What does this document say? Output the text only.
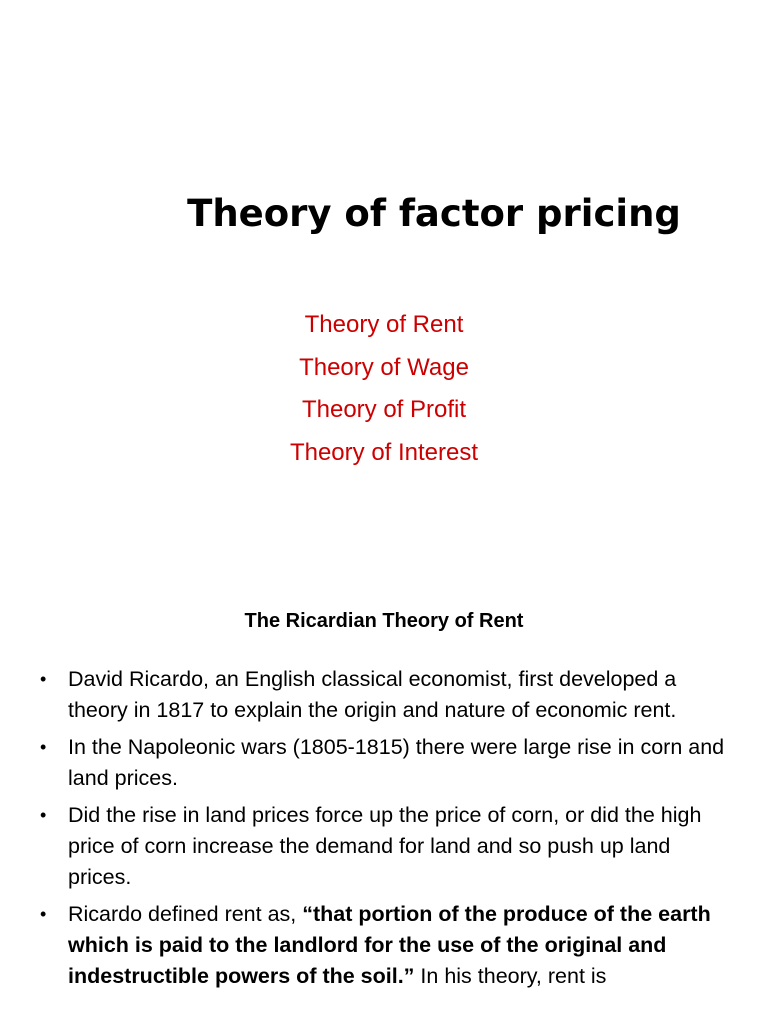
Theory of factor pricing
Theory of Rent
Theory of Wage
Theory of Profit
Theory of Interest
The Ricardian Theory of Rent
• David Ricardo, an English classical economist, first developed a theory in 1817 to explain the origin and nature of economic rent.
• In the Napoleonic wars (1805-1815) there were large rise in corn and land prices.
• Did the rise in land prices force up the price of corn, or did the high price of corn increase the demand for land and so push up land prices.
• Ricardo defined rent as, “that portion of the produce of the earth which is paid to the landlord for the use of the original and indestructible powers of the soil.” In his theory, rent is
